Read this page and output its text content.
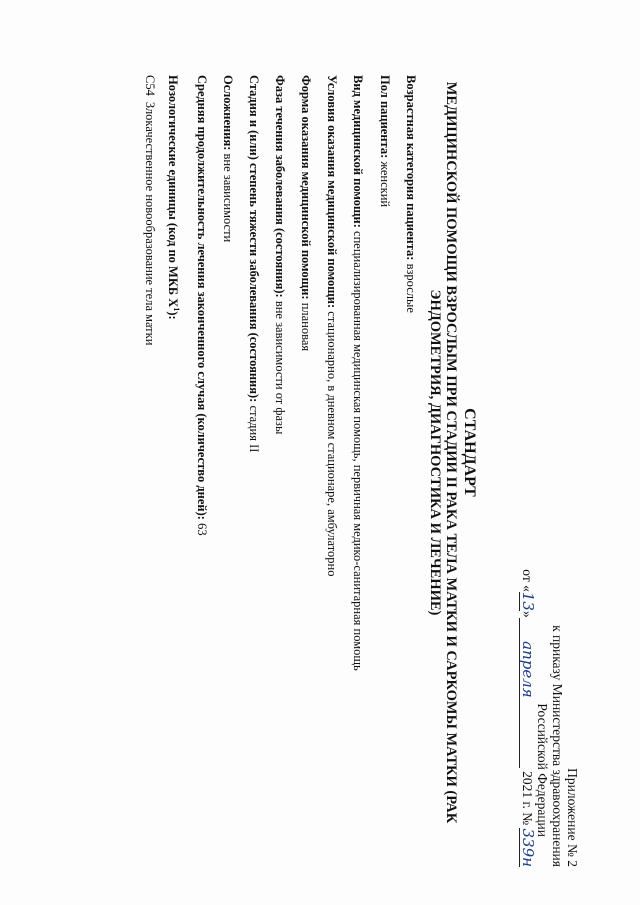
Приложение № 2
к приказу Министерства здравоохранения
Российской Федерации
от «13»апреля  2021 г. № 339н
СТАНДАРТ
МЕДИЦИНСКОЙ ПОМОЩИ ВЗРОСЛЫМ ПРИ СТАДИИ II РАКА ТЕЛА МАТКИ И САРКОМЫ МАТКИ (РАК
ЭНДОМЕТРИЯ, ДИАГНОСТИКА И ЛЕЧЕНИЕ)
Возрастная категория пациента: взрослые
Пол пациента: женский
Вид медицинской помощи: специализированная медицинская помощь, первичная медико-санитарная помощь
Условия оказания медицинской помощи: стационарно, в дневном стационаре, амбулаторно
Форма оказания медицинской помощи: плановая
Фаза течения заболевания (состояния): вне зависимости от фазы
Стадия и (или) степень тяжести заболевания (состояния): стадия II
Осложнения: вне зависимости
Средняя продолжительность лечения законченного случая (количество дней): 63
Нозологические единицы (код по МКБ $X^1$):
C54Злокачественное новообразование тела матки
